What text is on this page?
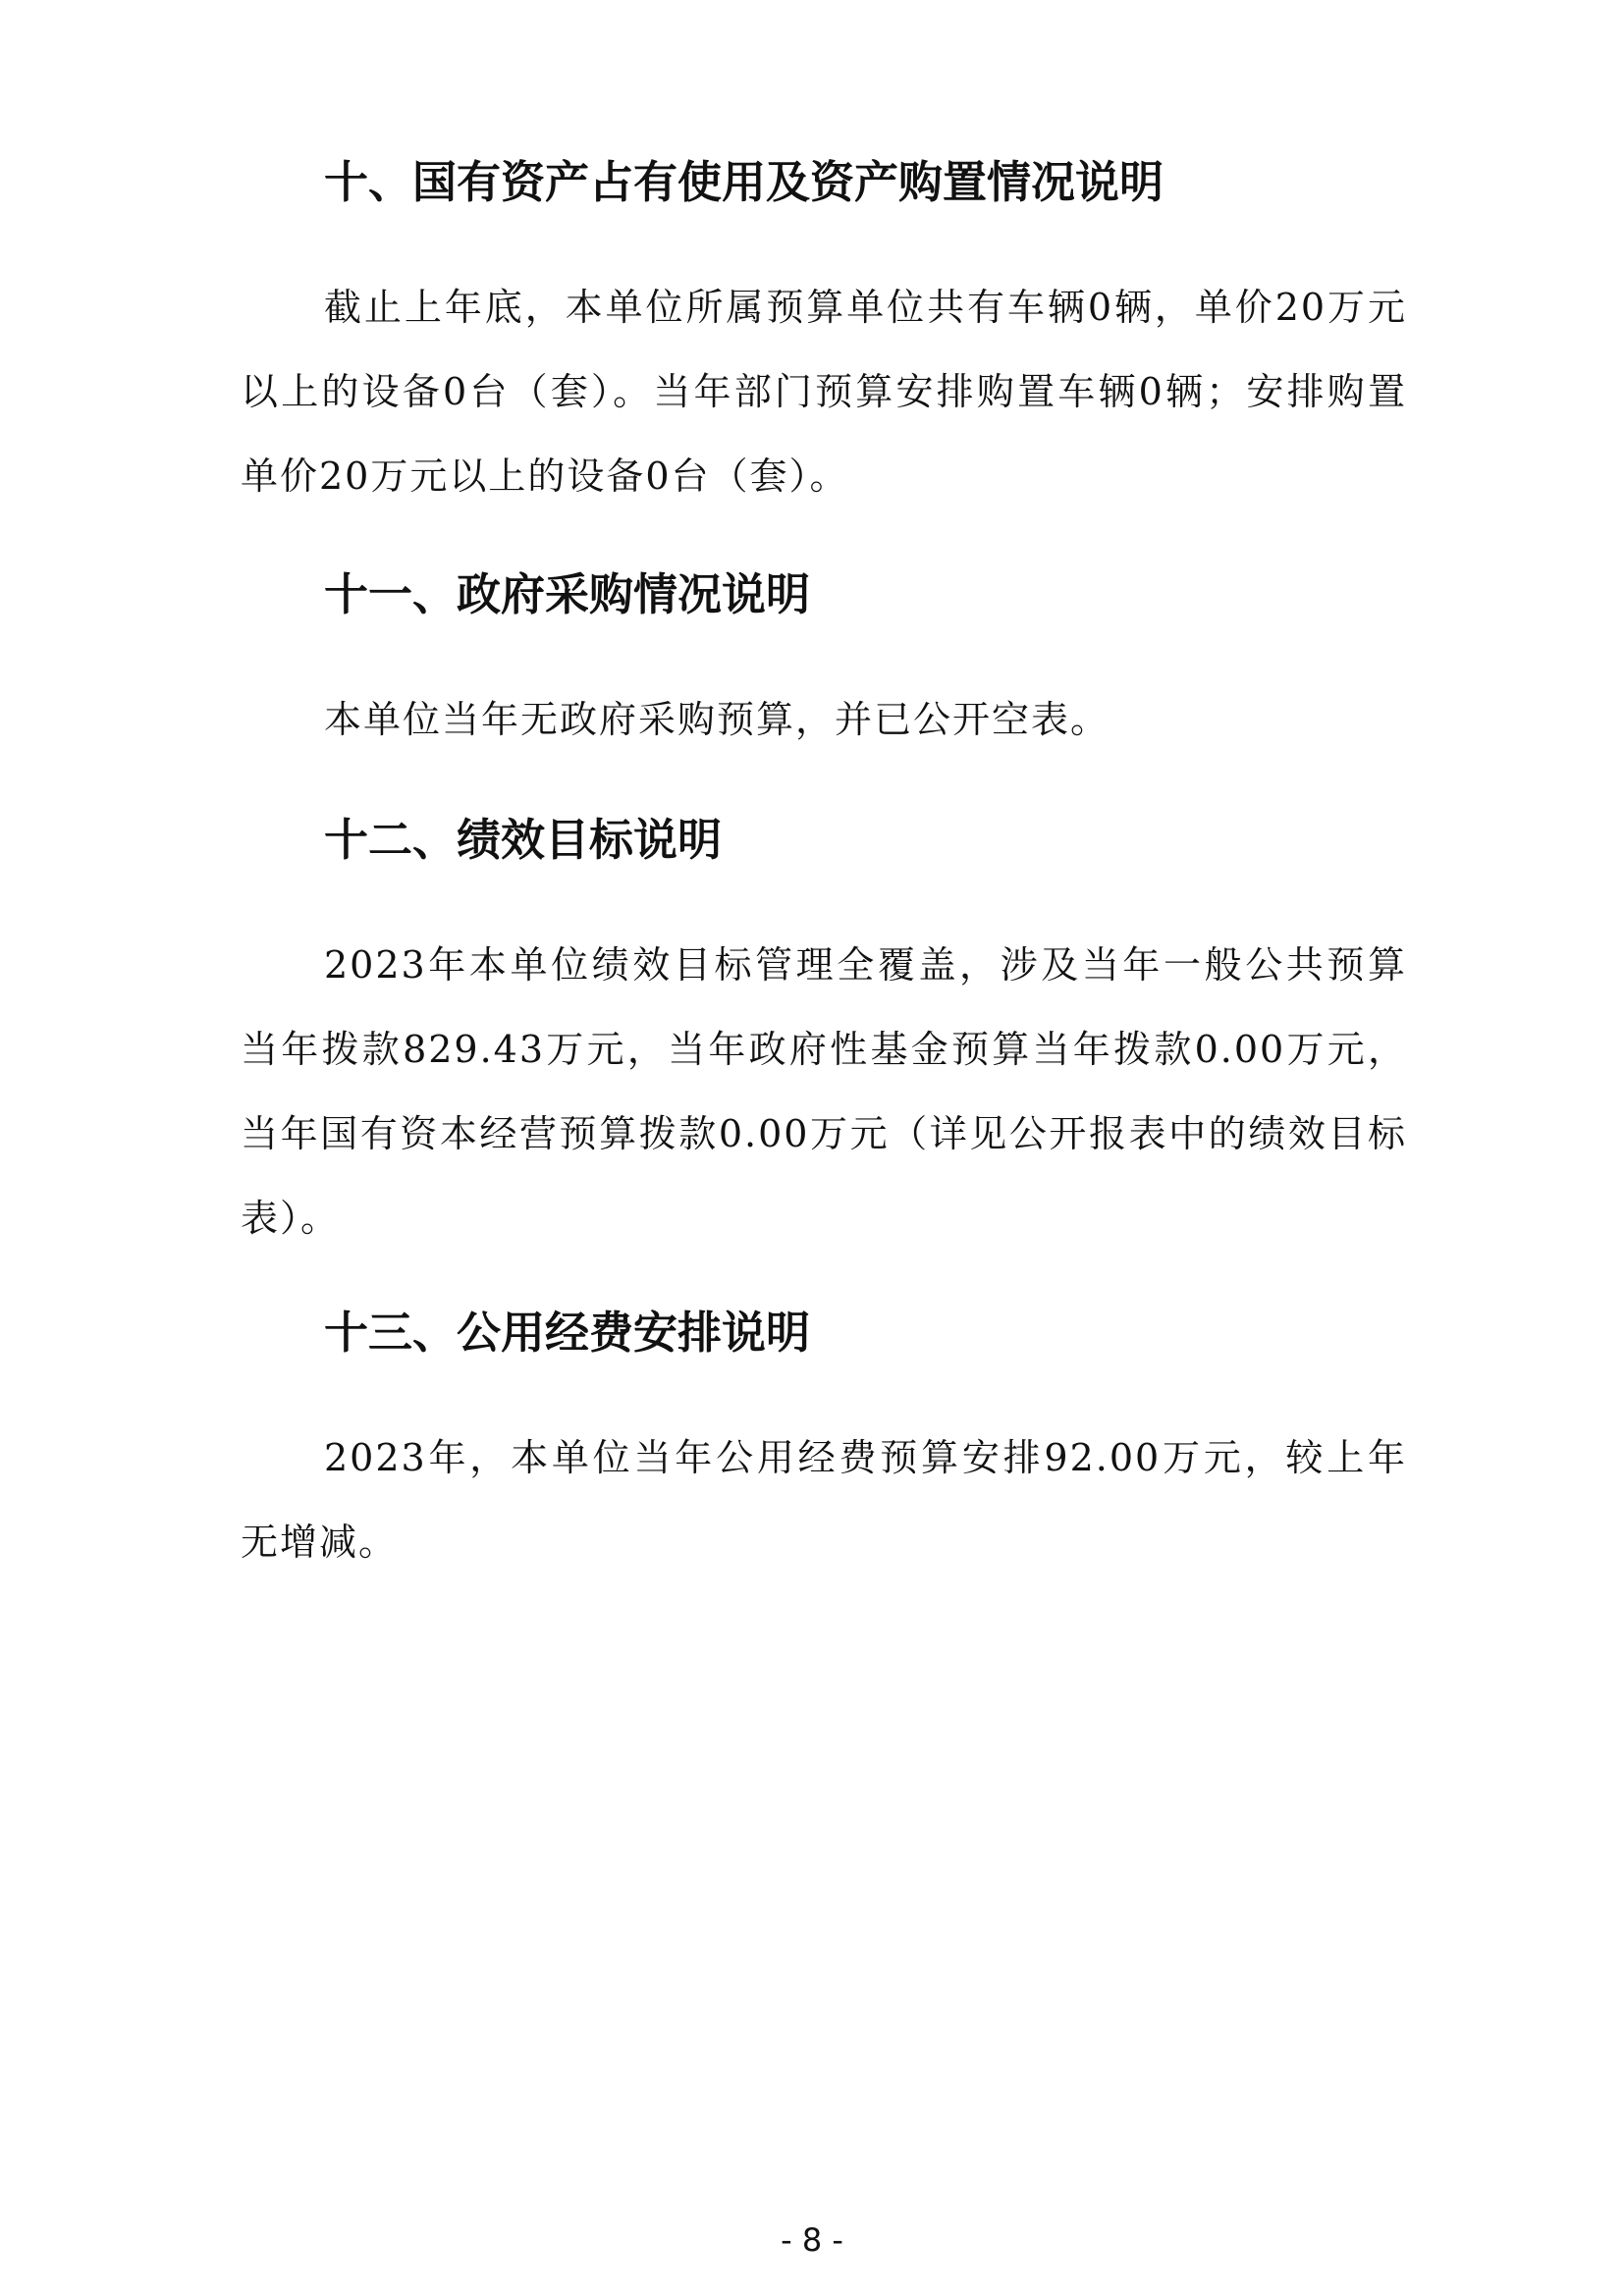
十、国有资产占有使用及资产购置情况说明

截止上年底，本单位所属预算单位共有车辆0辆，单价20万元以上的设备0台（套）。当年部门预算安排购置车辆0辆；安排购置单价20万元以上的设备0台（套）。

十一、政府采购情况说明

本单位当年无政府采购预算，并已公开空表。

十二、绩效目标说明

2023年本单位绩效目标管理全覆盖，涉及当年一般公共预算当年拨款829.43万元，当年政府性基金预算当年拨款0.00万元，当年国有资本经营预算拨款0.00万元（详见公开报表中的绩效目标表）。

十三、公用经费安排说明

2023年，本单位当年公用经费预算安排92.00万元，较上年无增减。

- 8 -
